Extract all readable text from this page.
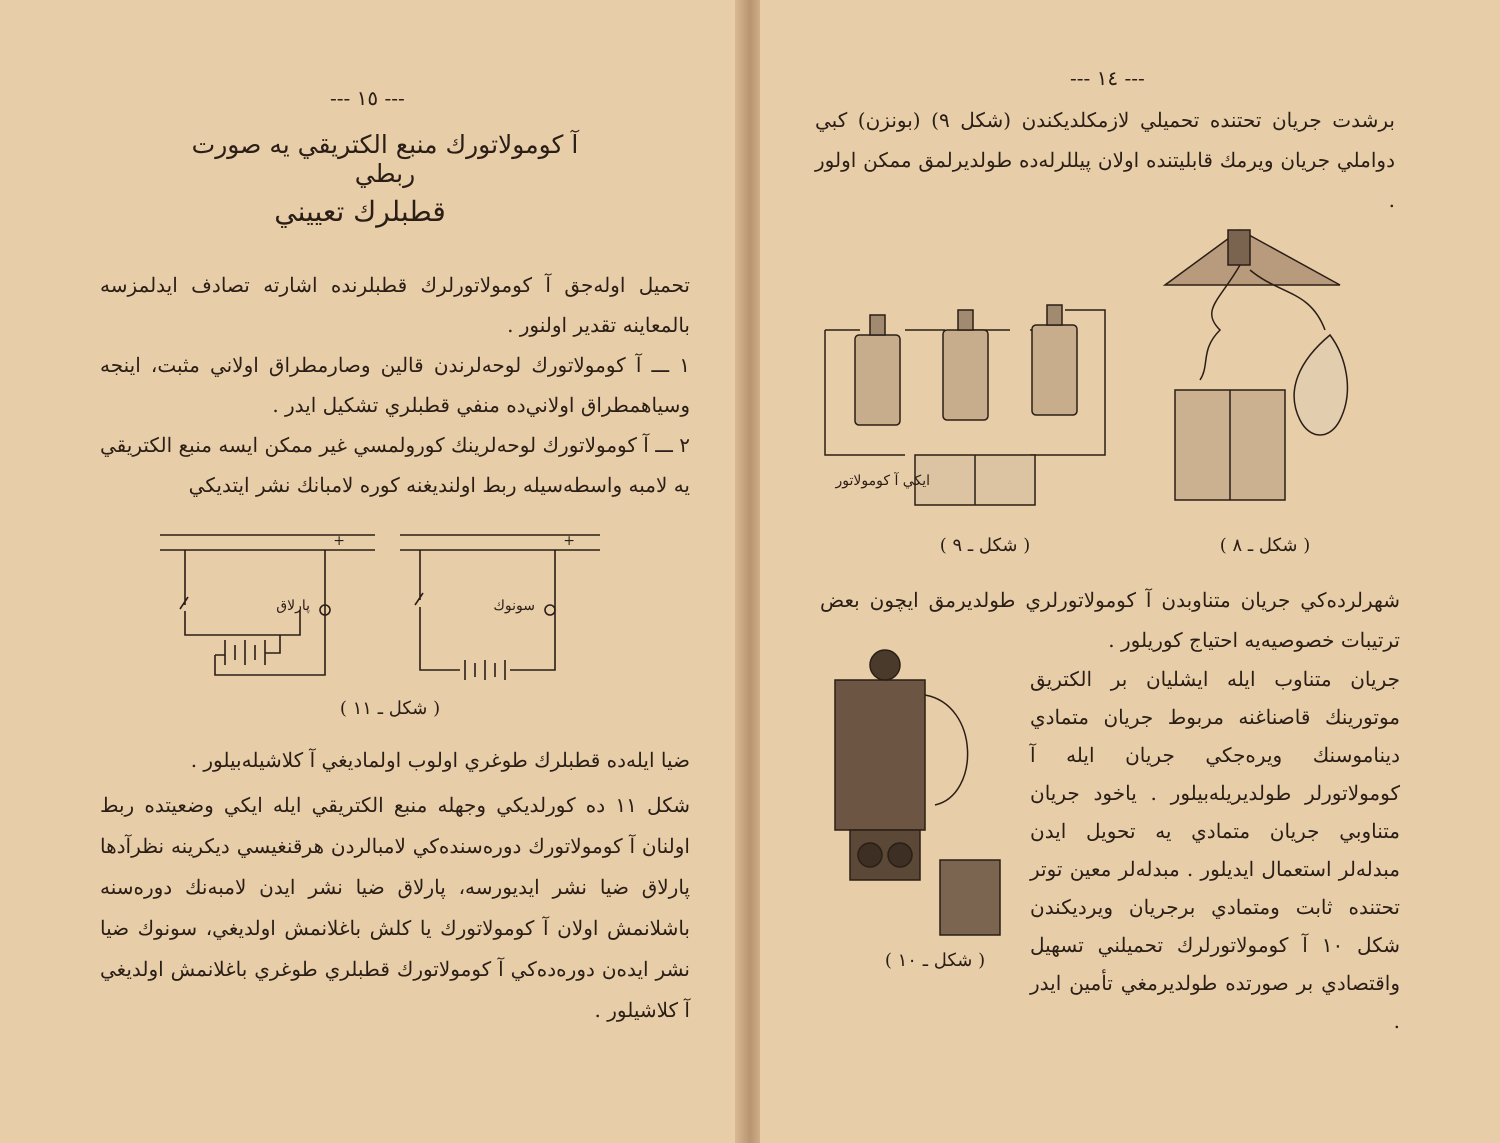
--- ١٥ ---
آ كومولاتورك منبع الكتريقي يه صورت ربطي
قطبلرك تعييني
تحميل اوله‌جق آ كومولاتورلرك قطبلرنده اشارته تصادف ايدلمزسه بالمعاينه تقدير اولنور .
١ ـــ آ كومولاتورك لوحه‌لرندن قالين وصارمطراق اولاني مثبت، اينجه وسياهمطراق اولاني‌ده منفي قطبلري تشكيل ايدر .
٢ ـــ آ كومولاتورك لوحه‌لرينك كورولمسي غير ممكن ايسه منبع الكتريقي يه لامبه واسطه‌سيله ربط اولنديغنه كوره لامبانك نشر ايتديكي
+	+
پارلاق	سونوك
( شكل ـ ١١ )
ضيا ايله‌ده قطبلرك طوغري اولوب اولماديغي آ كلاشيله‌بيلور .
شكل ١١ ده كورلديكي وجهله منبع الكتريقي ايله ايكي وضعيتده ربط اولنان آ كومولاتورك دوره‌سنده‌كي لامبالردن هرقنغيسي ديكرينه نظرآدها پارلاق ضيا نشر ايديورسه، پارلاق ضيا نشر ايدن لامبه‌نك دوره‌سنه باشلانمش اولان آ كومولاتورك يا كلش باغلانمش اولديغي، سونوك ضيا نشر ايده‌ن دوره‌ده‌كي آ كومولاتورك قطبلري طوغري باغلانمش اولديغي آ كلاشيلور .
--- ١٤ ---
برشدت جريان تحتنده تحميلي لازمكلديكندن (شكل ٩) (بونزن) كبي دواملي جريان ويرمك قابليتنده اولان پيللرله‌ده طولديرلمق ممكن اولور .
ايكي آ كومولاتور
( شكل ـ ٩ )	( شكل ـ ٨ )
شهرلرده‌كي جريان متناوبدن آ كومولاتورلري طولديرمق ايچون بعض ترتيبات خصوصيه‌يه احتياج كوريلور .
( شكل ـ ١٠ )
جريان متناوب ايله ايشليان بر الكتريق موتورينك قاصناغنه مربوط جريان متمادي ديناموسنك ويره‌جكي جريان ايله آ كومولاتورلر طولديريله‌بيلور . ياخود جريان متناوبي جريان متمادي يه تحويل ايدن مبدله‌لر استعمال ايديلور . مبدله‌لر معين توتر تحتنده ثابت ومتمادي برجريان ويرديكندن شكل ١٠ آ كومولاتورلرك تحميلني تسهيل واقتصادي بر صورتده طولديرمغي تأمين ايدر .
